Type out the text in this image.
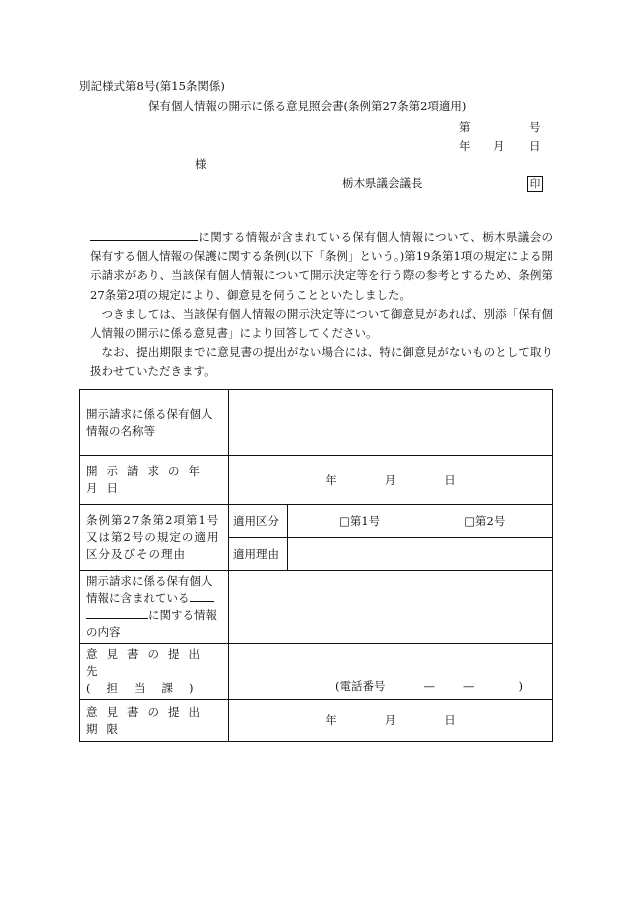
別記様式第8号(第15条関係)
保有個人情報の開示に係る意見照会書(条例第27条第2項適用)
第	号
年 月 日
様
栃木県議会議長	印

に関する情報が含まれている保有個人情報について、栃木県議会の保有する個人情報の保護に関する条例(以下「条例」という。)第19条第1項の規定による開示請求があり、当該保有個人情報について開示決定等を行う際の参考とするため、条例第27条第2項の規定により、御意見を伺うことといたしました。

つきましては、当該保有個人情報の開示決定等について御意見があれば、別添「保有個人情報の開示に係る意見書」により回答してください。

なお、提出期限までに意見書の提出がない場合には、特に御意見がないものとして取り扱わせていただきます。

開示請求に係る保有個人情報の名称等		
開示請求の年月日	年 月 日	
条例第27条第2項第1号又は第2号の規定の適用区分及びその理由	適用区分	□第1号 □第2号
	適用理由	
開示請求に係る保有個人情報に含まれているに関する情報の内容		

意見書の提出先
(担当課)	(電話番号 — — )	
意見書の提出期限	年 月 日	
